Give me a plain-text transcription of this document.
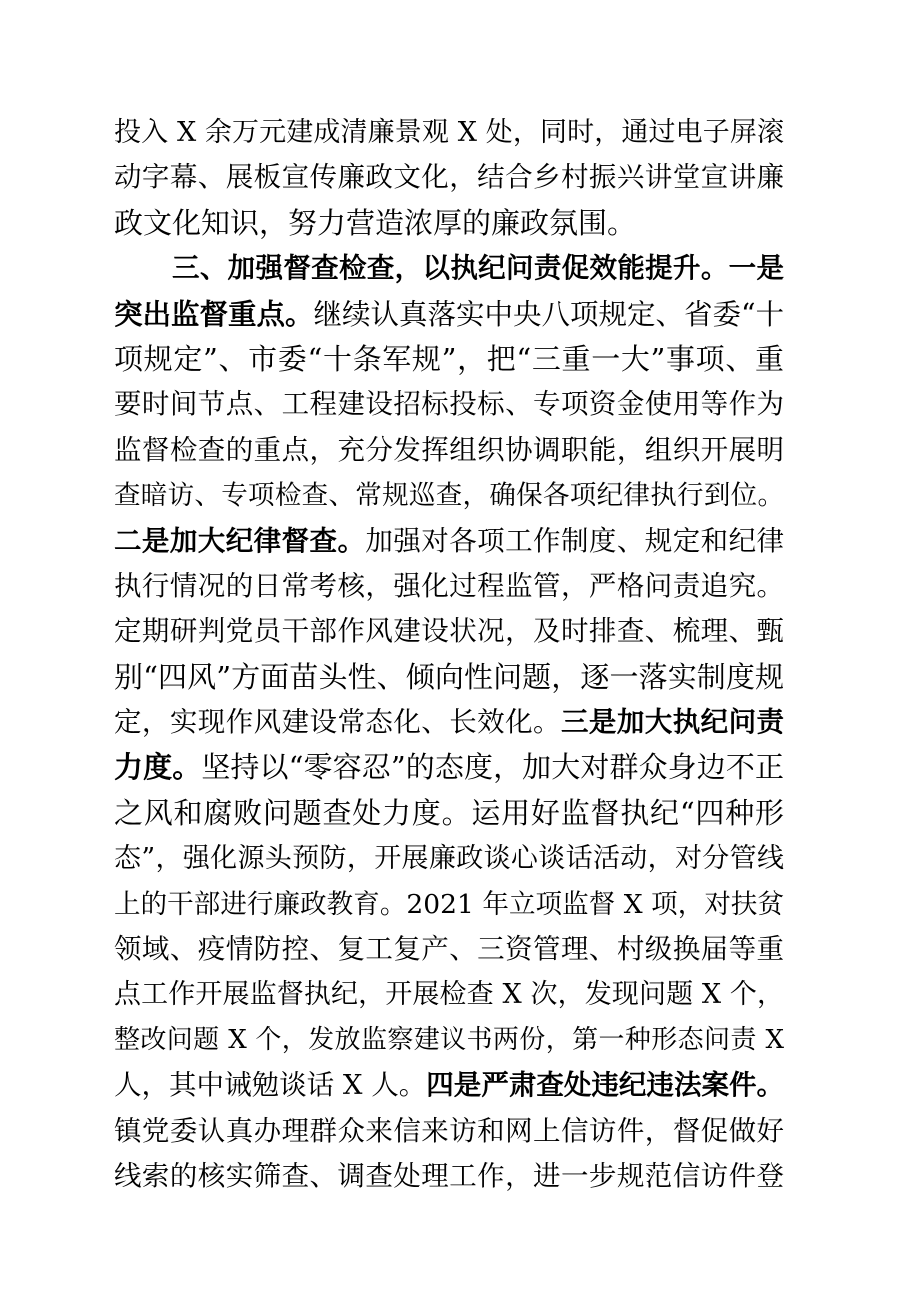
投入 X 余万元建成清廉景观 X 处，同时，通过电子屏滚
动字幕、展板宣传廉政文化，结合乡村振兴讲堂宣讲廉
政文化知识，努力营造浓厚的廉政氛围。
三、加强督查检查，以执纪问责促效能提升。一是
突出监督重点。继续认真落实中央八项规定、省委“十
项规定”、市委“十条军规”，把“三重一大”事项、重
要时间节点、工程建设招标投标、专项资金使用等作为
监督检查的重点，充分发挥组织协调职能，组织开展明
查暗访、专项检查、常规巡查，确保各项纪律执行到位。
二是加大纪律督查。加强对各项工作制度、规定和纪律
执行情况的日常考核，强化过程监管，严格问责追究。
定期研判党员干部作风建设状况，及时排查、梳理、甄
别“四风”方面苗头性、倾向性问题，逐一落实制度规
定，实现作风建设常态化、长效化。三是加大执纪问责
力度。坚持以“零容忍”的态度，加大对群众身边不正
之风和腐败问题查处力度。运用好监督执纪“四种形
态”，强化源头预防，开展廉政谈心谈话活动，对分管线
上的干部进行廉政教育。2021 年立项监督 X 项，对扶贫
领域、疫情防控、复工复产、三资管理、村级换届等重
点工作开展监督执纪，开展检查 X 次，发现问题 X 个，
整改问题 X 个，发放监察建议书两份，第一种形态问责 X
人，其中诫勉谈话 X 人。四是严肃查处违纪违法案件。
镇党委认真办理群众来信来访和网上信访件，督促做好
线索的核实筛查、调查处理工作，进一步规范信访件登
